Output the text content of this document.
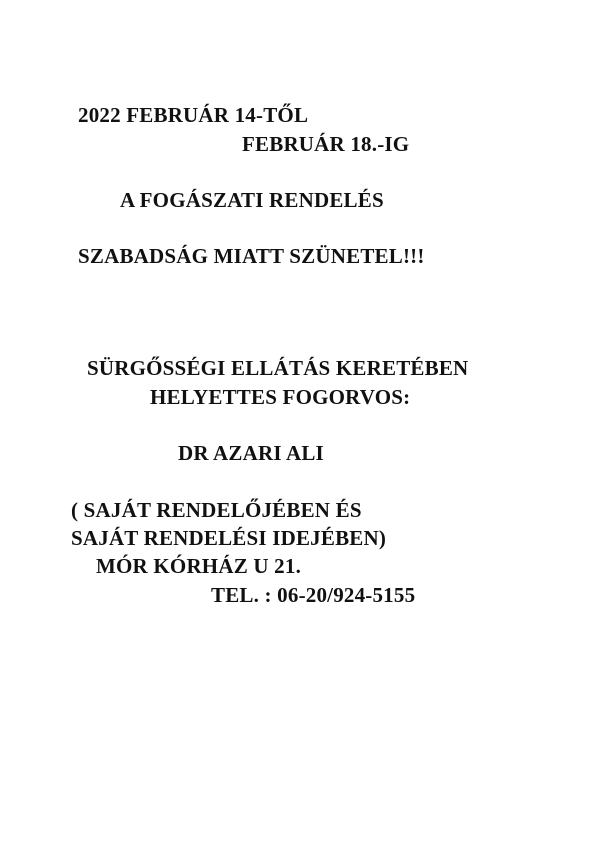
2022 FEBRUÁR 14-TŐL
FEBRUÁR 18.-IG
A FOGÁSZATI RENDELÉS
SZABADSÁG MIATT SZÜNETEL!!!
SÜRGŐSSÉGI ELLÁTÁS KERETÉBEN
HELYETTES FOGORVOS:
DR AZARI ALI
( SAJÁT RENDELŐJÉBEN ÉS
SAJÁT RENDELÉSI IDEJÉBEN)
MÓR KÓRHÁZ U 21.
TEL. : 06-20/924-5155
